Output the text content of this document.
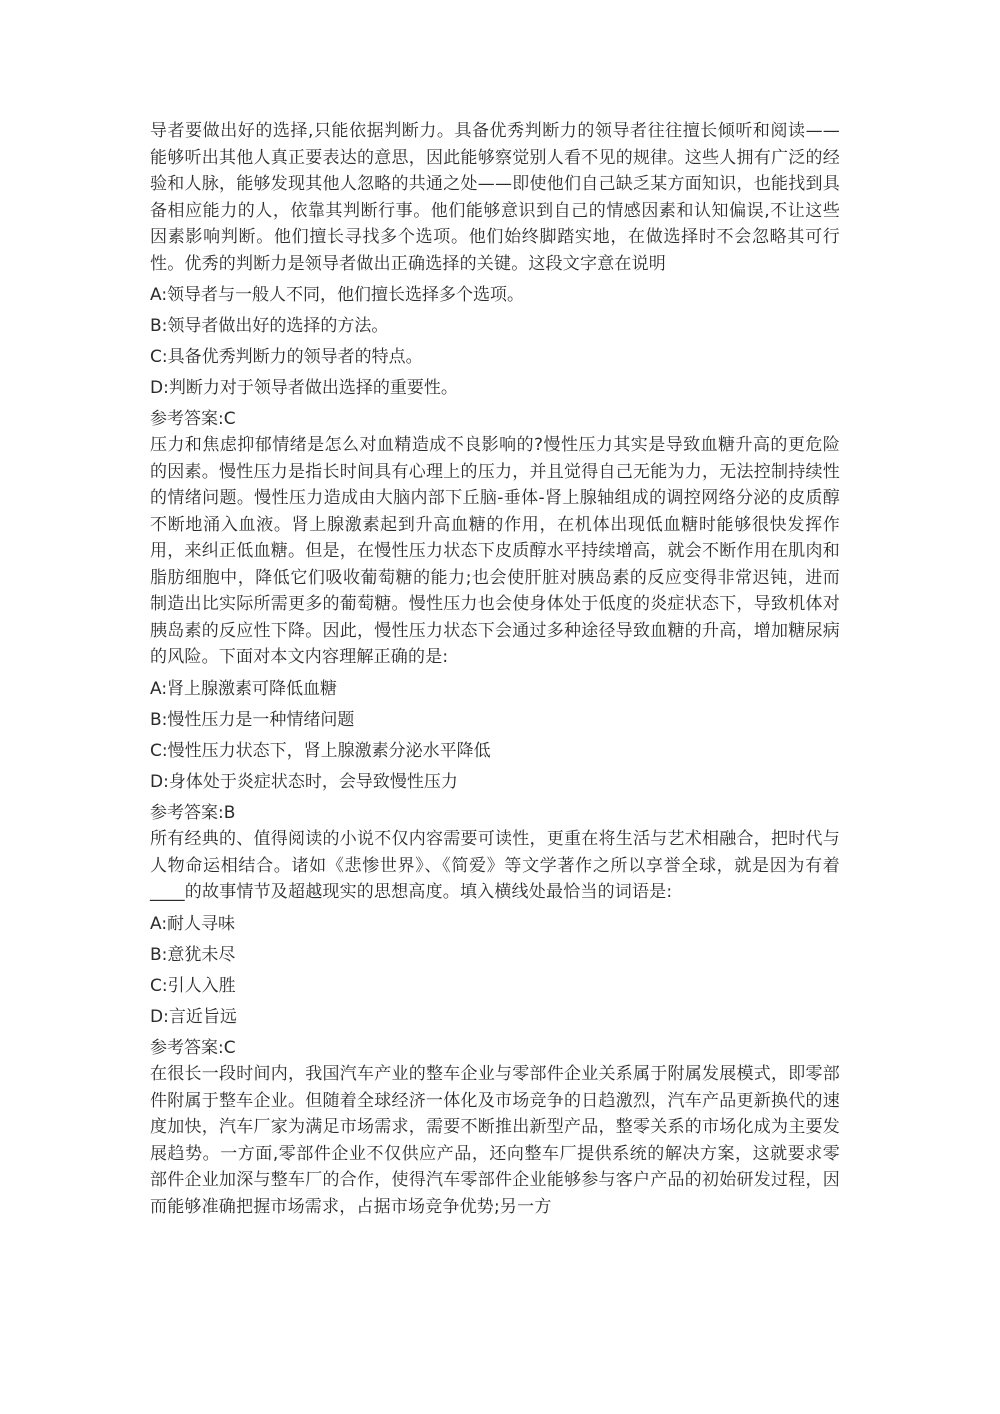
导者要做出好的选择,只能依据判断力。具备优秀判断力的领导者往往擅长倾听和阅读——能够听出其他人真正要表达的意思，因此能够察觉别人看不见的规律。这些人拥有广泛的经验和人脉，能够发现其他人忽略的共通之处——即使他们自己缺乏某方面知识，也能找到具备相应能力的人，依靠其判断行事。他们能够意识到自己的情感因素和认知偏误,不让这些因素影响判断。他们擅长寻找多个选项。他们始终脚踏实地，在做选择时不会忽略其可行性。优秀的判断力是领导者做出正确选择的关键。这段文字意在说明

A:领导者与一般人不同，他们擅长选择多个选项。

B:领导者做出好的选择的方法。

C:具备优秀判断力的领导者的特点。

D:判断力对于领导者做出选择的重要性。

参考答案:C

压力和焦虑抑郁情绪是怎么对血精造成不良影响的?慢性压力其实是导致血糖升高的更危险的因素。慢性压力是指长时间具有心理上的压力，并且觉得自己无能为力，无法控制持续性的情绪问题。慢性压力造成由大脑内部下丘脑-垂体-肾上腺轴组成的调控网络分泌的皮质醇不断地涌入血液。肾上腺激素起到升高血糖的作用，在机体出现低血糖时能够很快发挥作用，来纠正低血糖。但是，在慢性压力状态下皮质醇水平持续增高，就会不断作用在肌肉和脂肪细胞中，降低它们吸收葡萄糖的能力;也会使肝脏对胰岛素的反应变得非常迟钝，进而制造出比实际所需更多的葡萄糖。慢性压力也会使身体处于低度的炎症状态下，导致机体对胰岛素的反应性下降。因此，慢性压力状态下会通过多种途径导致血糖的升高，增加糖尿病的风险。下面对本文内容理解正确的是:

A:肾上腺激素可降低血糖

B:慢性压力是一种情绪问题

C:慢性压力状态下，肾上腺激素分泌水平降低

D:身体处于炎症状态时，会导致慢性压力

参考答案:B

所有经典的、值得阅读的小说不仅内容需要可读性，更重在将生活与艺术相融合，把时代与人物命运相结合。诸如《悲惨世界》、《简爱》等文学著作之所以享誉全球，就是因为有着____的故事情节及超越现实的思想高度。填入横线处最恰当的词语是:

A:耐人寻味

B:意犹未尽

C:引人入胜

D:言近旨远

参考答案:C

在很长一段时间内，我国汽车产业的整车企业与零部件企业关系属于附属发展模式，即零部件附属于整车企业。但随着全球经济一体化及市场竞争的日趋激烈，汽车产品更新换代的速度加快，汽车厂家为满足市场需求，需要不断推出新型产品，整零关系的市场化成为主要发展趋势。一方面,零部件企业不仅供应产品，还向整车厂提供系统的解决方案，这就要求零部件企业加深与整车厂的合作，使得汽车零部件企业能够参与客户产品的初始研发过程，因而能够准确把握市场需求，占据市场竞争优势;另一方
